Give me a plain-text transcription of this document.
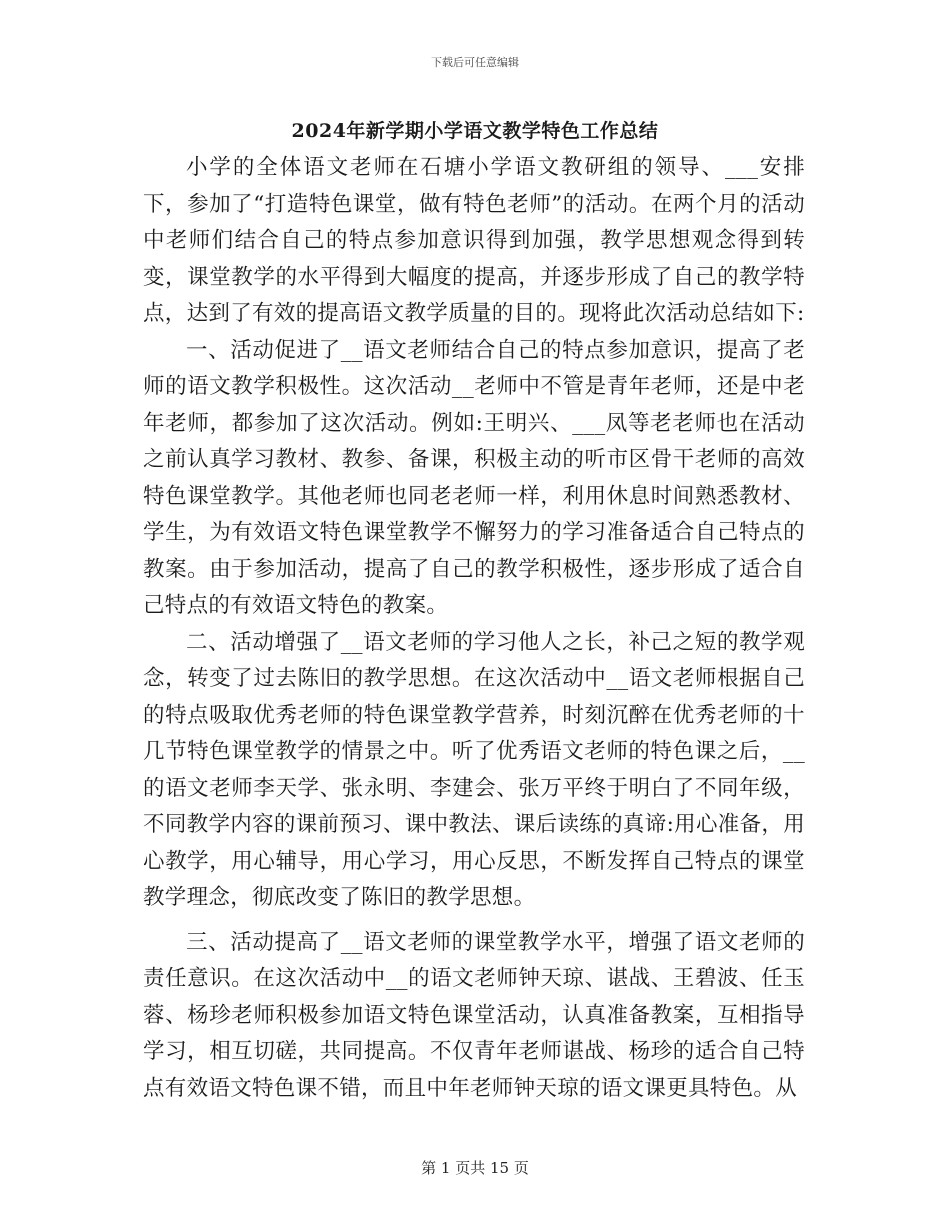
下载后可任意编辑
2024年新学期小学语文教学特色工作总结

小学的全体语文老师在石塘小学语文教研组的领导、___安排下，参加了“打造特色课堂，做有特色老师”的活动。在两个月的活动中老师们结合自己的特点参加意识得到加强，教学思想观念得到转变，课堂教学的水平得到大幅度的提高，并逐步形成了自己的教学特点，达到了有效的提高语文教学质量的目的。现将此次活动总结如下:

一、活动促进了__语文老师结合自己的特点参加意识，提高了老师的语文教学积极性。这次活动__老师中不管是青年老师，还是中老年老师，都参加了这次活动。例如:王明兴、___凤等老老师也在活动之前认真学习教材、教参、备课，积极主动的听市区骨干老师的高效特色课堂教学。其他老师也同老老师一样，利用休息时间熟悉教材、学生，为有效语文特色课堂教学不懈努力的学习准备适合自己特点的教案。由于参加活动，提高了自己的教学积极性，逐步形成了适合自己特点的有效语文特色的教案。

二、活动增强了__语文老师的学习他人之长，补己之短的教学观念，转变了过去陈旧的教学思想。在这次活动中__语文老师根据自己的特点吸取优秀老师的特色课堂教学营养，时刻沉醉在优秀老师的十几节特色课堂教学的情景之中。听了优秀语文老师的特色课之后，__的语文老师李天学、张永明、李建会、张万平终于明白了不同年级，不同教学内容的课前预习、课中教法、课后读练的真谛:用心准备，用心教学，用心辅导，用心学习，用心反思，不断发挥自己特点的课堂教学理念，彻底改变了陈旧的教学思想。

三、活动提高了__语文老师的课堂教学水平，增强了语文老师的责任意识。在这次活动中__的语文老师钟天琼、谌战、王碧波、任玉蓉、杨珍老师积极参加语文特色课堂活动，认真准备教案，互相指导学习，相互切磋，共同提高。不仅青年老师谌战、杨珍的适合自己特点有效语文特色课不错，而且中年老师钟天琼的语文课更具特色。从

第 1 页共 15 页
